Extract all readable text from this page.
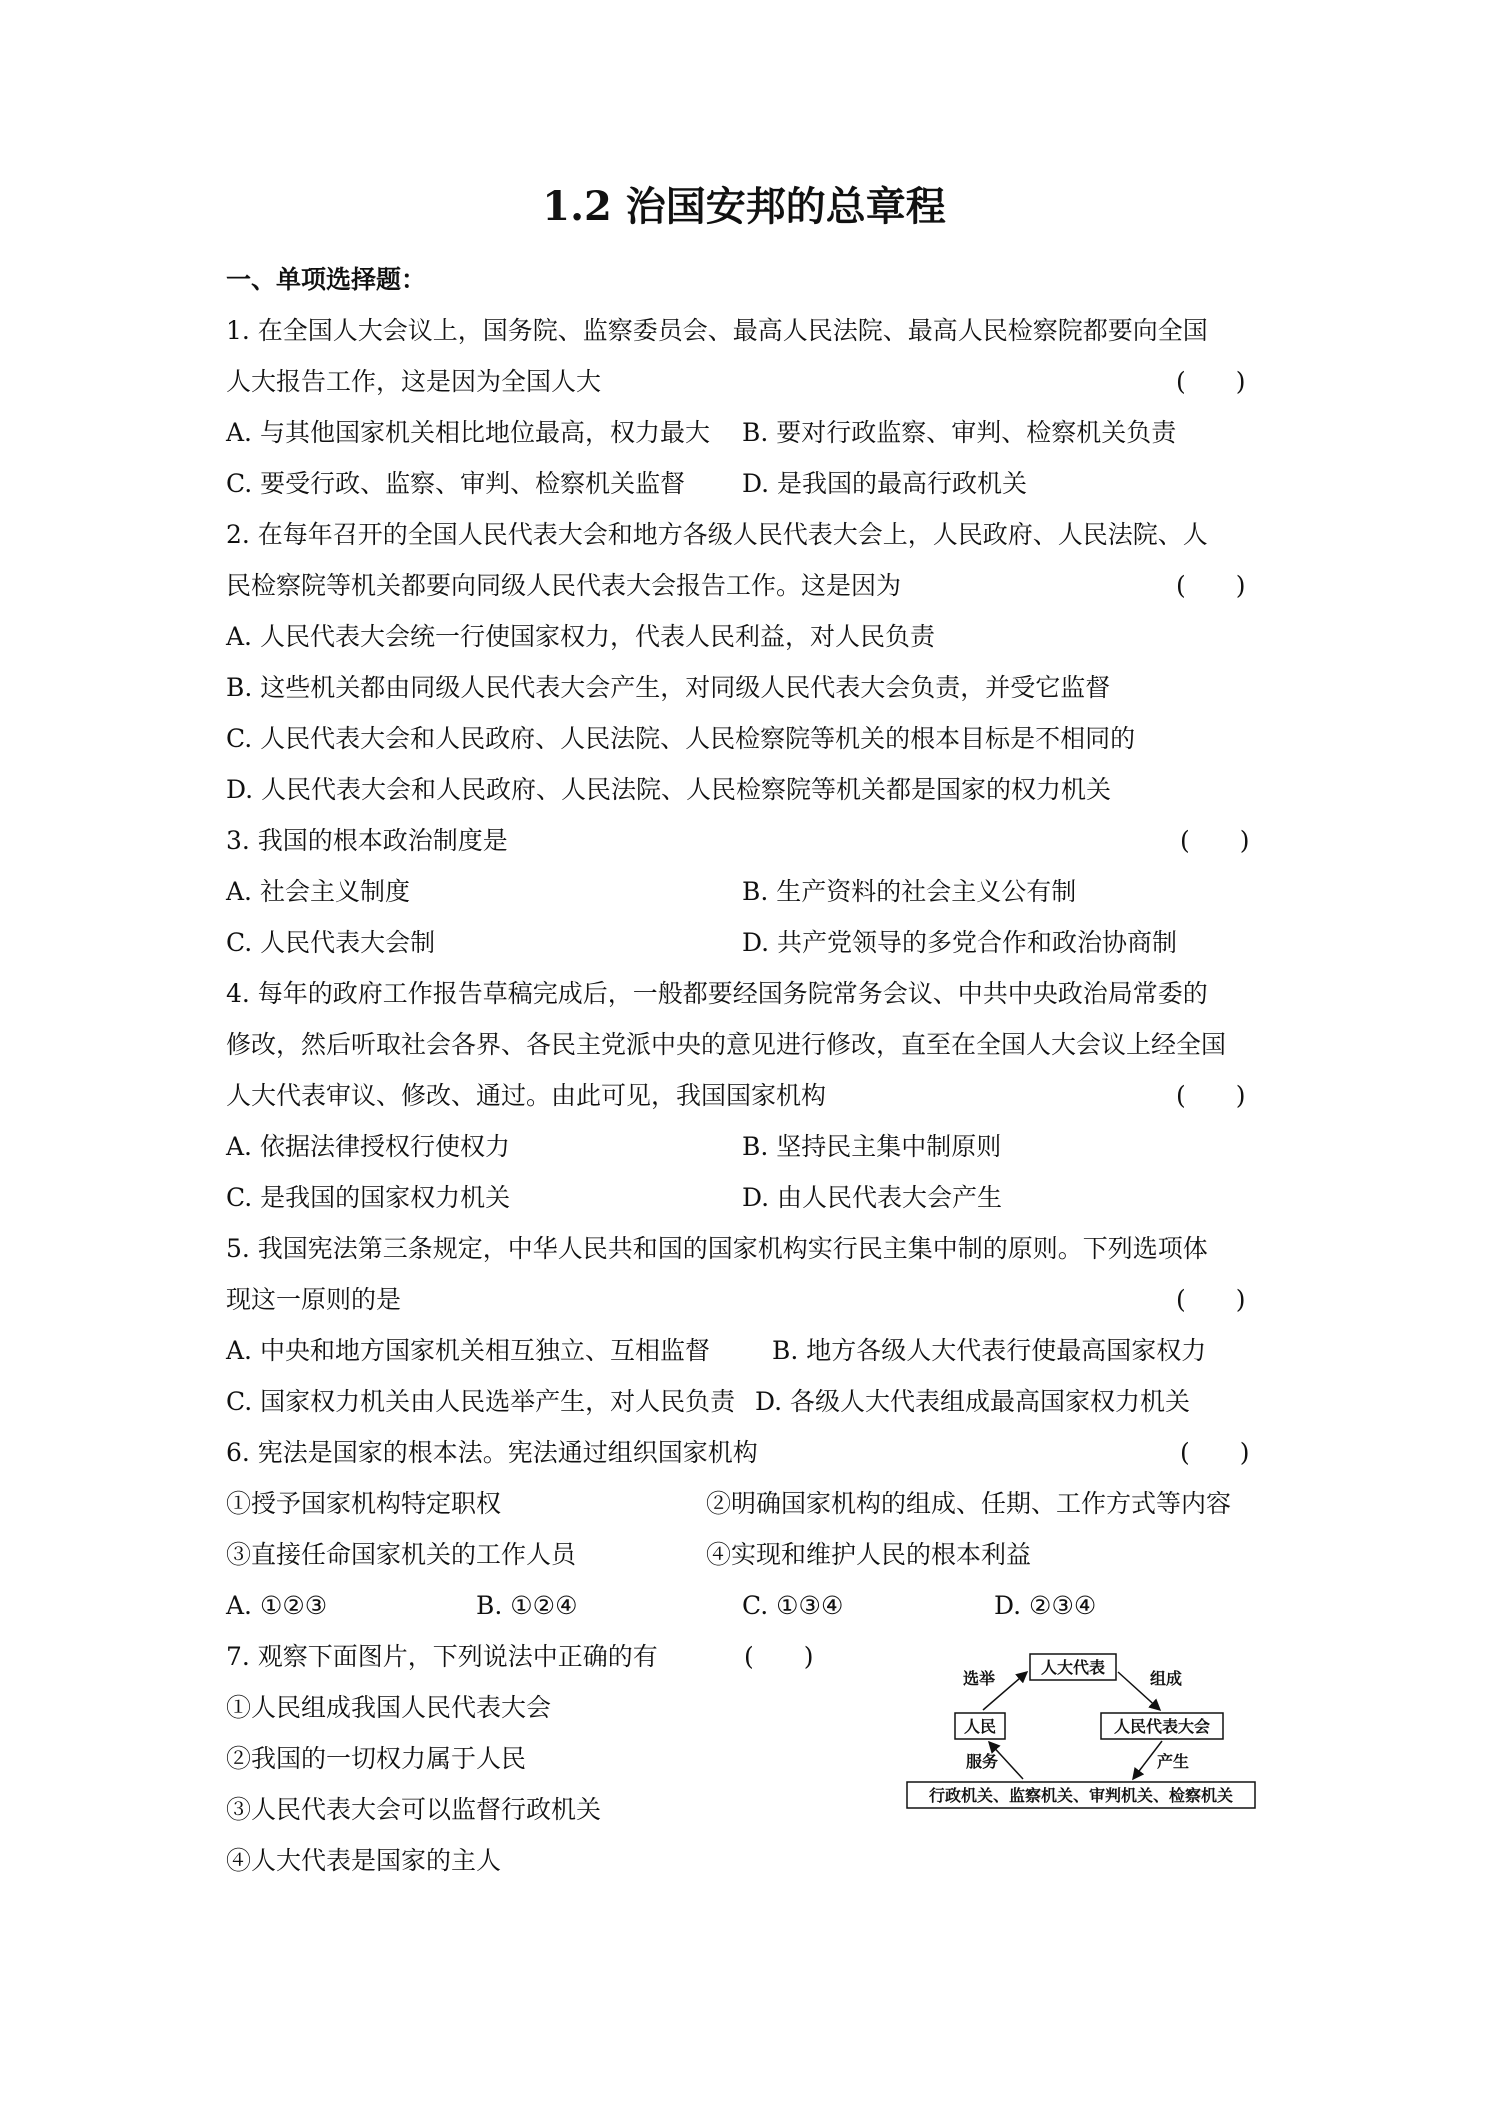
1.2 治国安邦的总章程
一、单项选择题：
1. 在全国人大会议上，国务院、监察委员会、最高人民法院、最高人民检察院都要向全国
人大报告工作，这是因为全国人大	(　　)
A. 与其他国家机关相比地位最高，权力最大 B. 要对行政监察、审判、检察机关负责
C. 要受行政、监察、审判、检察机关监督 D. 是我国的最高行政机关
2. 在每年召开的全国人民代表大会和地方各级人民代表大会上，人民政府、人民法院、人
民检察院等机关都要向同级人民代表大会报告工作。这是因为	(　　)
A. 人民代表大会统一行使国家权力，代表人民利益，对人民负责
B. 这些机关都由同级人民代表大会产生，对同级人民代表大会负责，并受它监督
C. 人民代表大会和人民政府、人民法院、人民检察院等机关的根本目标是不相同的
D. 人民代表大会和人民政府、人民法院、人民检察院等机关都是国家的权力机关
3. 我国的根本政治制度是	(　　)
A. 社会主义制度	B. 生产资料的社会主义公有制
C. 人民代表大会制	D. 共产党领导的多党合作和政治协商制
4. 每年的政府工作报告草稿完成后，一般都要经国务院常务会议、中共中央政治局常委的
修改，然后听取社会各界、各民主党派中央的意见进行修改，直至在全国人大会议上经全国
人大代表审议、修改、通过。由此可见，我国国家机构	(　　)
A. 依据法律授权行使权力	B. 坚持民主集中制原则
C. 是我国的国家权力机关	D. 由人民代表大会产生
5. 我国宪法第三条规定，中华人民共和国的国家机构实行民主集中制的原则。下列选项体
现这一原则的是	(　　)
A. 中央和地方国家机关相互独立、互相监督 B. 地方各级人大代表行使最高国家权力
C. 国家权力机关由人民选举产生，对人民负责 D. 各级人大代表组成最高国家权力机关
6. 宪法是国家的根本法。宪法通过组织国家机构	(　　)
①授予国家机构特定职权	②明确国家机构的组成、任期、工作方式等内容
③直接任命国家机关的工作人员	④实现和维护人民的根本利益
A. ①②③	B. ①②④	C. ①③④	D. ②③④
7. 观察下面图片，下列说法中正确的有	(　　)
①人民组成我国人民代表大会
②我国的一切权力属于人民
③人民代表大会可以监督行政机关
④人大代表是国家的主人
人大代表
人民	人民代表大会
行政机关、监察机关、审判机关、检察机关
选举	组成
产生
服务
